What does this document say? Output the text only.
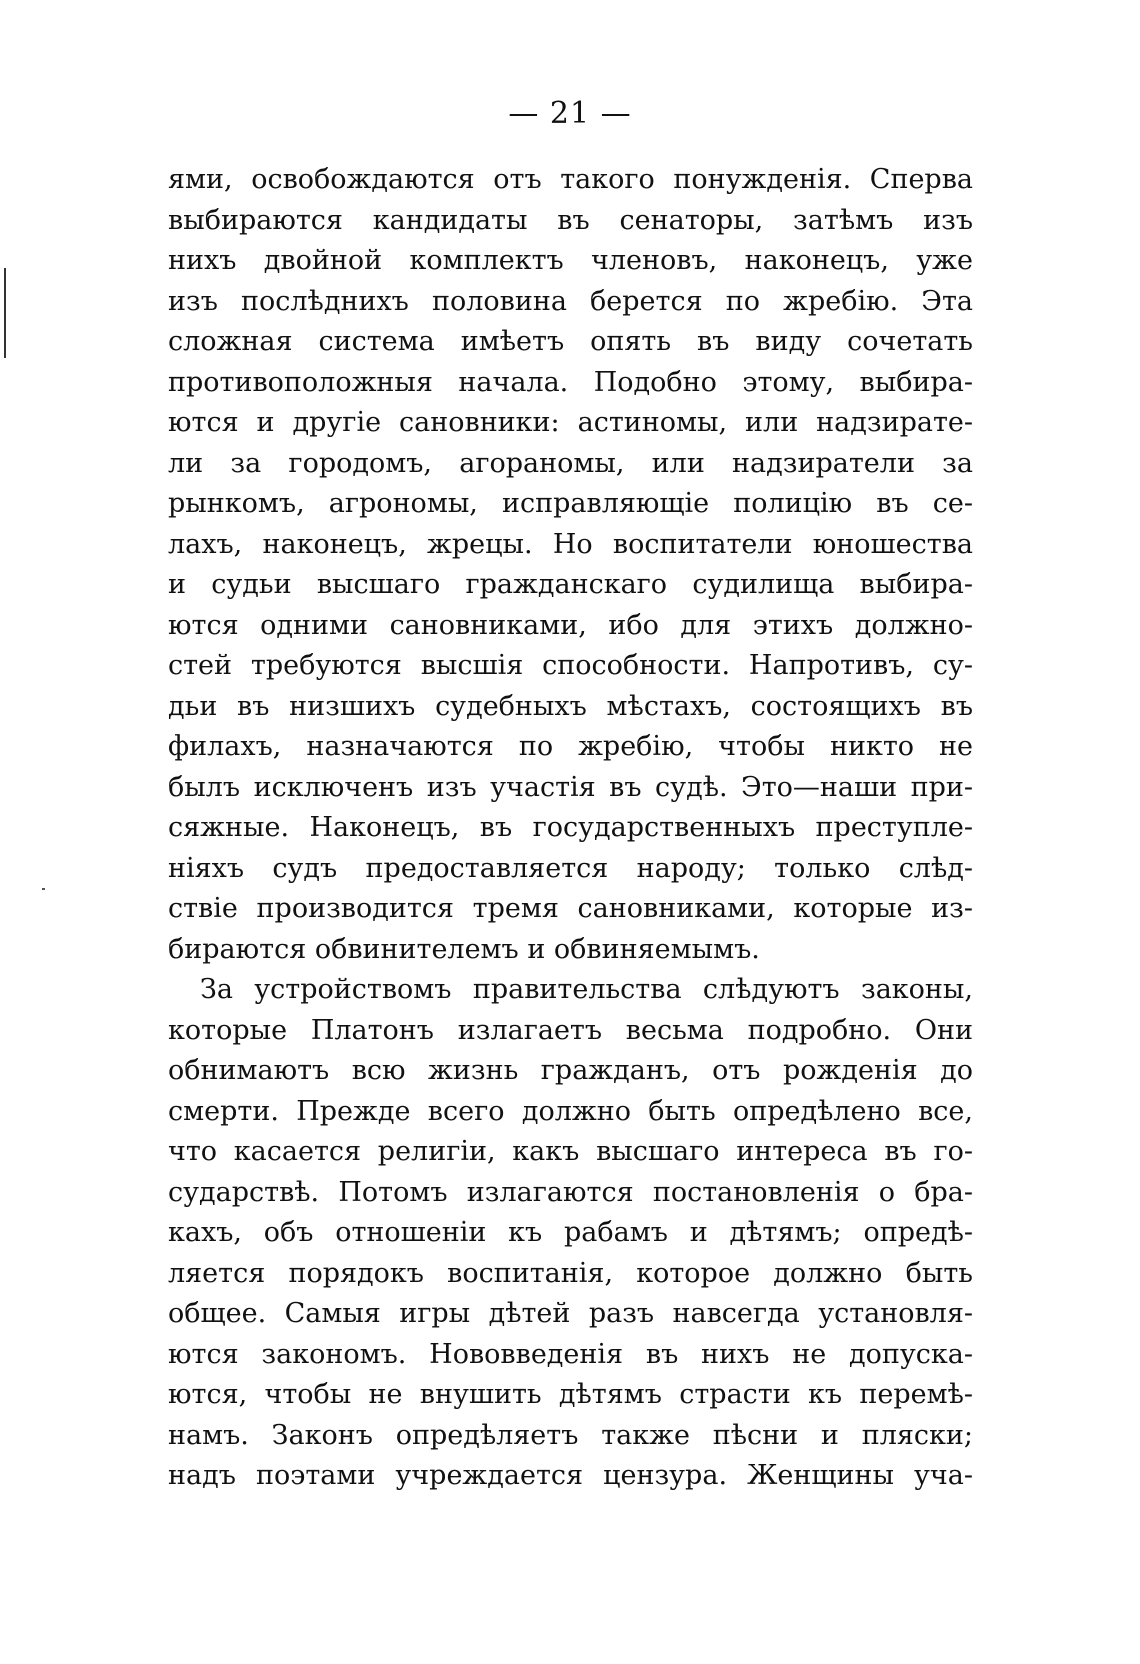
— 21 —
ями, освобождаются отъ такого понужденія. Сперва
выбираются кандидаты въ сенаторы, затѣмъ изъ
нихъ двойной комплектъ членовъ, наконецъ, уже
изъ послѣднихъ половина берется по жребію. Эта
сложная система имѣетъ опять въ виду сочетать
противоположныя начала. Подобно этому, выбира-
ются и другіе сановники: астиномы, или надзирате-
ли за городомъ, агораномы, или надзиратели за
рынкомъ, агрономы, исправляющіе полицію въ се-
лахъ, наконецъ, жрецы. Но воспитатели юношества
и судьи высшаго гражданскаго судилища выбира-
ются одними сановниками, ибо для этихъ должно-
стей требуются высшія способности. Напротивъ, су-
дьи въ низшихъ судебныхъ мѣстахъ, состоящихъ въ
филахъ, назначаются по жребію, чтобы никто не
былъ исключенъ изъ участія въ судѣ. Это—наши при-
сяжные. Наконецъ, въ государственныхъ преступле-
ніяхъ судъ предоставляется народу; только слѣд-
ствіе производится тремя сановниками, которые из-
бираются обвинителемъ и обвиняемымъ.
За устройствомъ правительства слѣдуютъ законы,
которые Платонъ излагаетъ весьма подробно. Они
обнимаютъ всю жизнь гражданъ, отъ рожденія до
смерти. Прежде всего должно быть опредѣлено все,
что касается религіи, какъ высшаго интереса въ го-
сударствѣ. Потомъ излагаются постановленія о бра-
кахъ, объ отношеніи къ рабамъ и дѣтямъ; опредѣ-
ляется порядокъ воспитанія, которое должно быть
общее. Самыя игры дѣтей разъ навсегда установля-
ются закономъ. Нововведенія въ нихъ не допуска-
ются, чтобы не внушить дѣтямъ страсти къ перемѣ-
намъ. Законъ опредѣляетъ также пѣсни и пляски;
надъ поэтами учреждается цензура. Женщины уча-
